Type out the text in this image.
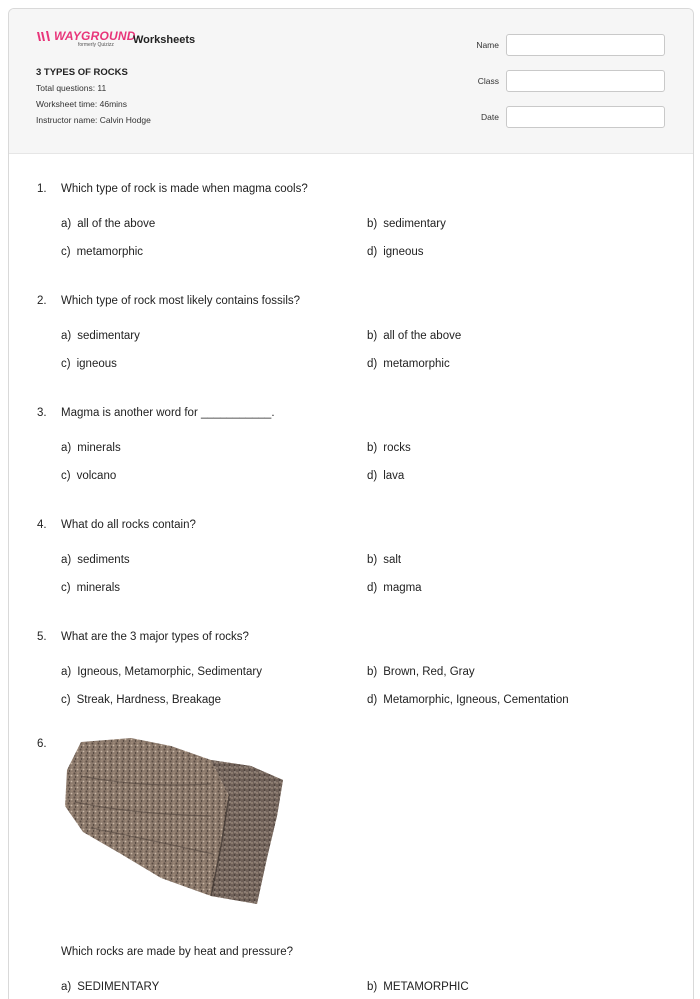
WAYGROUND
formerly Quizizz	Worksheets
3 TYPES OF ROCKS
Total questions: 11
Worksheet time: 46mins
Instructor name: Calvin Hodge
Name
Class
Date
1. Which type of rock is made when magma cools?
a) all of the above	b) sedimentary
c) metamorphic	d) igneous
2. Which type of rock most likely contains fossils?
a) sedimentary	b) all of the above
c) igneous	d) metamorphic
3. Magma is another word for ___________.
a) minerals	b) rocks
c) volcano	d) lava
4. What do all rocks contain?
a) sediments	b) salt
c) minerals	d) magma
5. What are the 3 major types of rocks?
a) Igneous, Metamorphic, Sedimentary	b) Brown, Red, Gray
c) Streak, Hardness, Breakage	d) Metamorphic, Igneous, Cementation
6.
Which rocks are made by heat and pressure?
a) SEDIMENTARY	b) METAMORPHIC
